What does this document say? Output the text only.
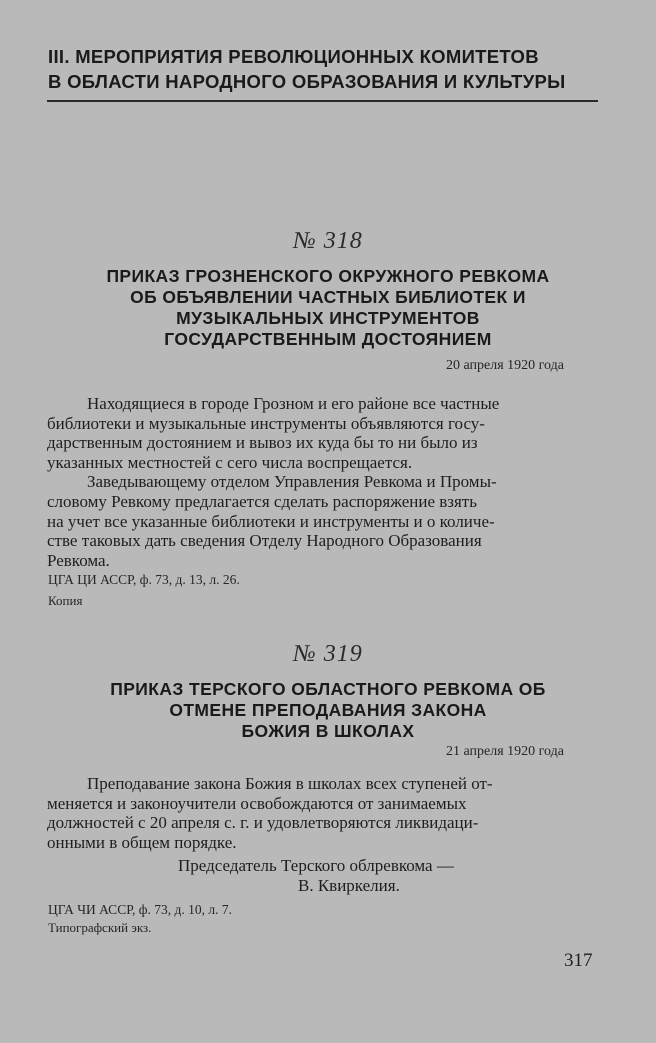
III. МЕРОПРИЯТИЯ РЕВОЛЮЦИОННЫХ КОМИТЕТОВ
В ОБЛАСТИ НАРОДНОГО ОБРАЗОВАНИЯ И КУЛЬТУРЫ
№ 318
ПРИКАЗ ГРОЗНЕНСКОГО ОКРУЖНОГО РЕВКОМА
ОБ ОБЪЯВЛЕНИИ ЧАСТНЫХ БИБЛИОТЕК И
МУЗЫКАЛЬНЫХ ИНСТРУМЕНТОВ
ГОСУДАРСТВЕННЫМ ДОСТОЯНИЕМ
20 апреля 1920 года
Находящиеся в городе Грозном и его районе все частные
библиотеки и музыкальные инструменты объявляются госу-
дарственным достоянием и вывоз их куда бы то ни было из
указанных местностей с сего числа воспрещается.
Заведывающему отделом Управления Ревкома и Промы-
словому Ревкому предлагается сделать распоряжение взять
на учет все указанные библиотеки и инструменты и о количе-
стве таковых дать сведения Отделу Народного Образования
Ревкома.
ЦГА ЦИ АССР, ф. 73, д. 13, л. 26.
Копия
№ 319
ПРИКАЗ ТЕРСКОГО ОБЛАСТНОГО РЕВКОМА ОБ
ОТМЕНЕ ПРЕПОДАВАНИЯ ЗАКОНА
БОЖИЯ В ШКОЛАХ
21 апреля 1920 года
Преподавание закона Божия в школах всех ступеней от-
меняется и законоучители освобождаются от занимаемых
должностей с 20 апреля с. г. и удовлетворяются ликвидаци-
онными в общем порядке.
Председатель Терского облревкома —
В. Квиркелия.
ЦГА ЧИ АССР, ф. 73, д. 10, л. 7.
Типографский экз.
317
